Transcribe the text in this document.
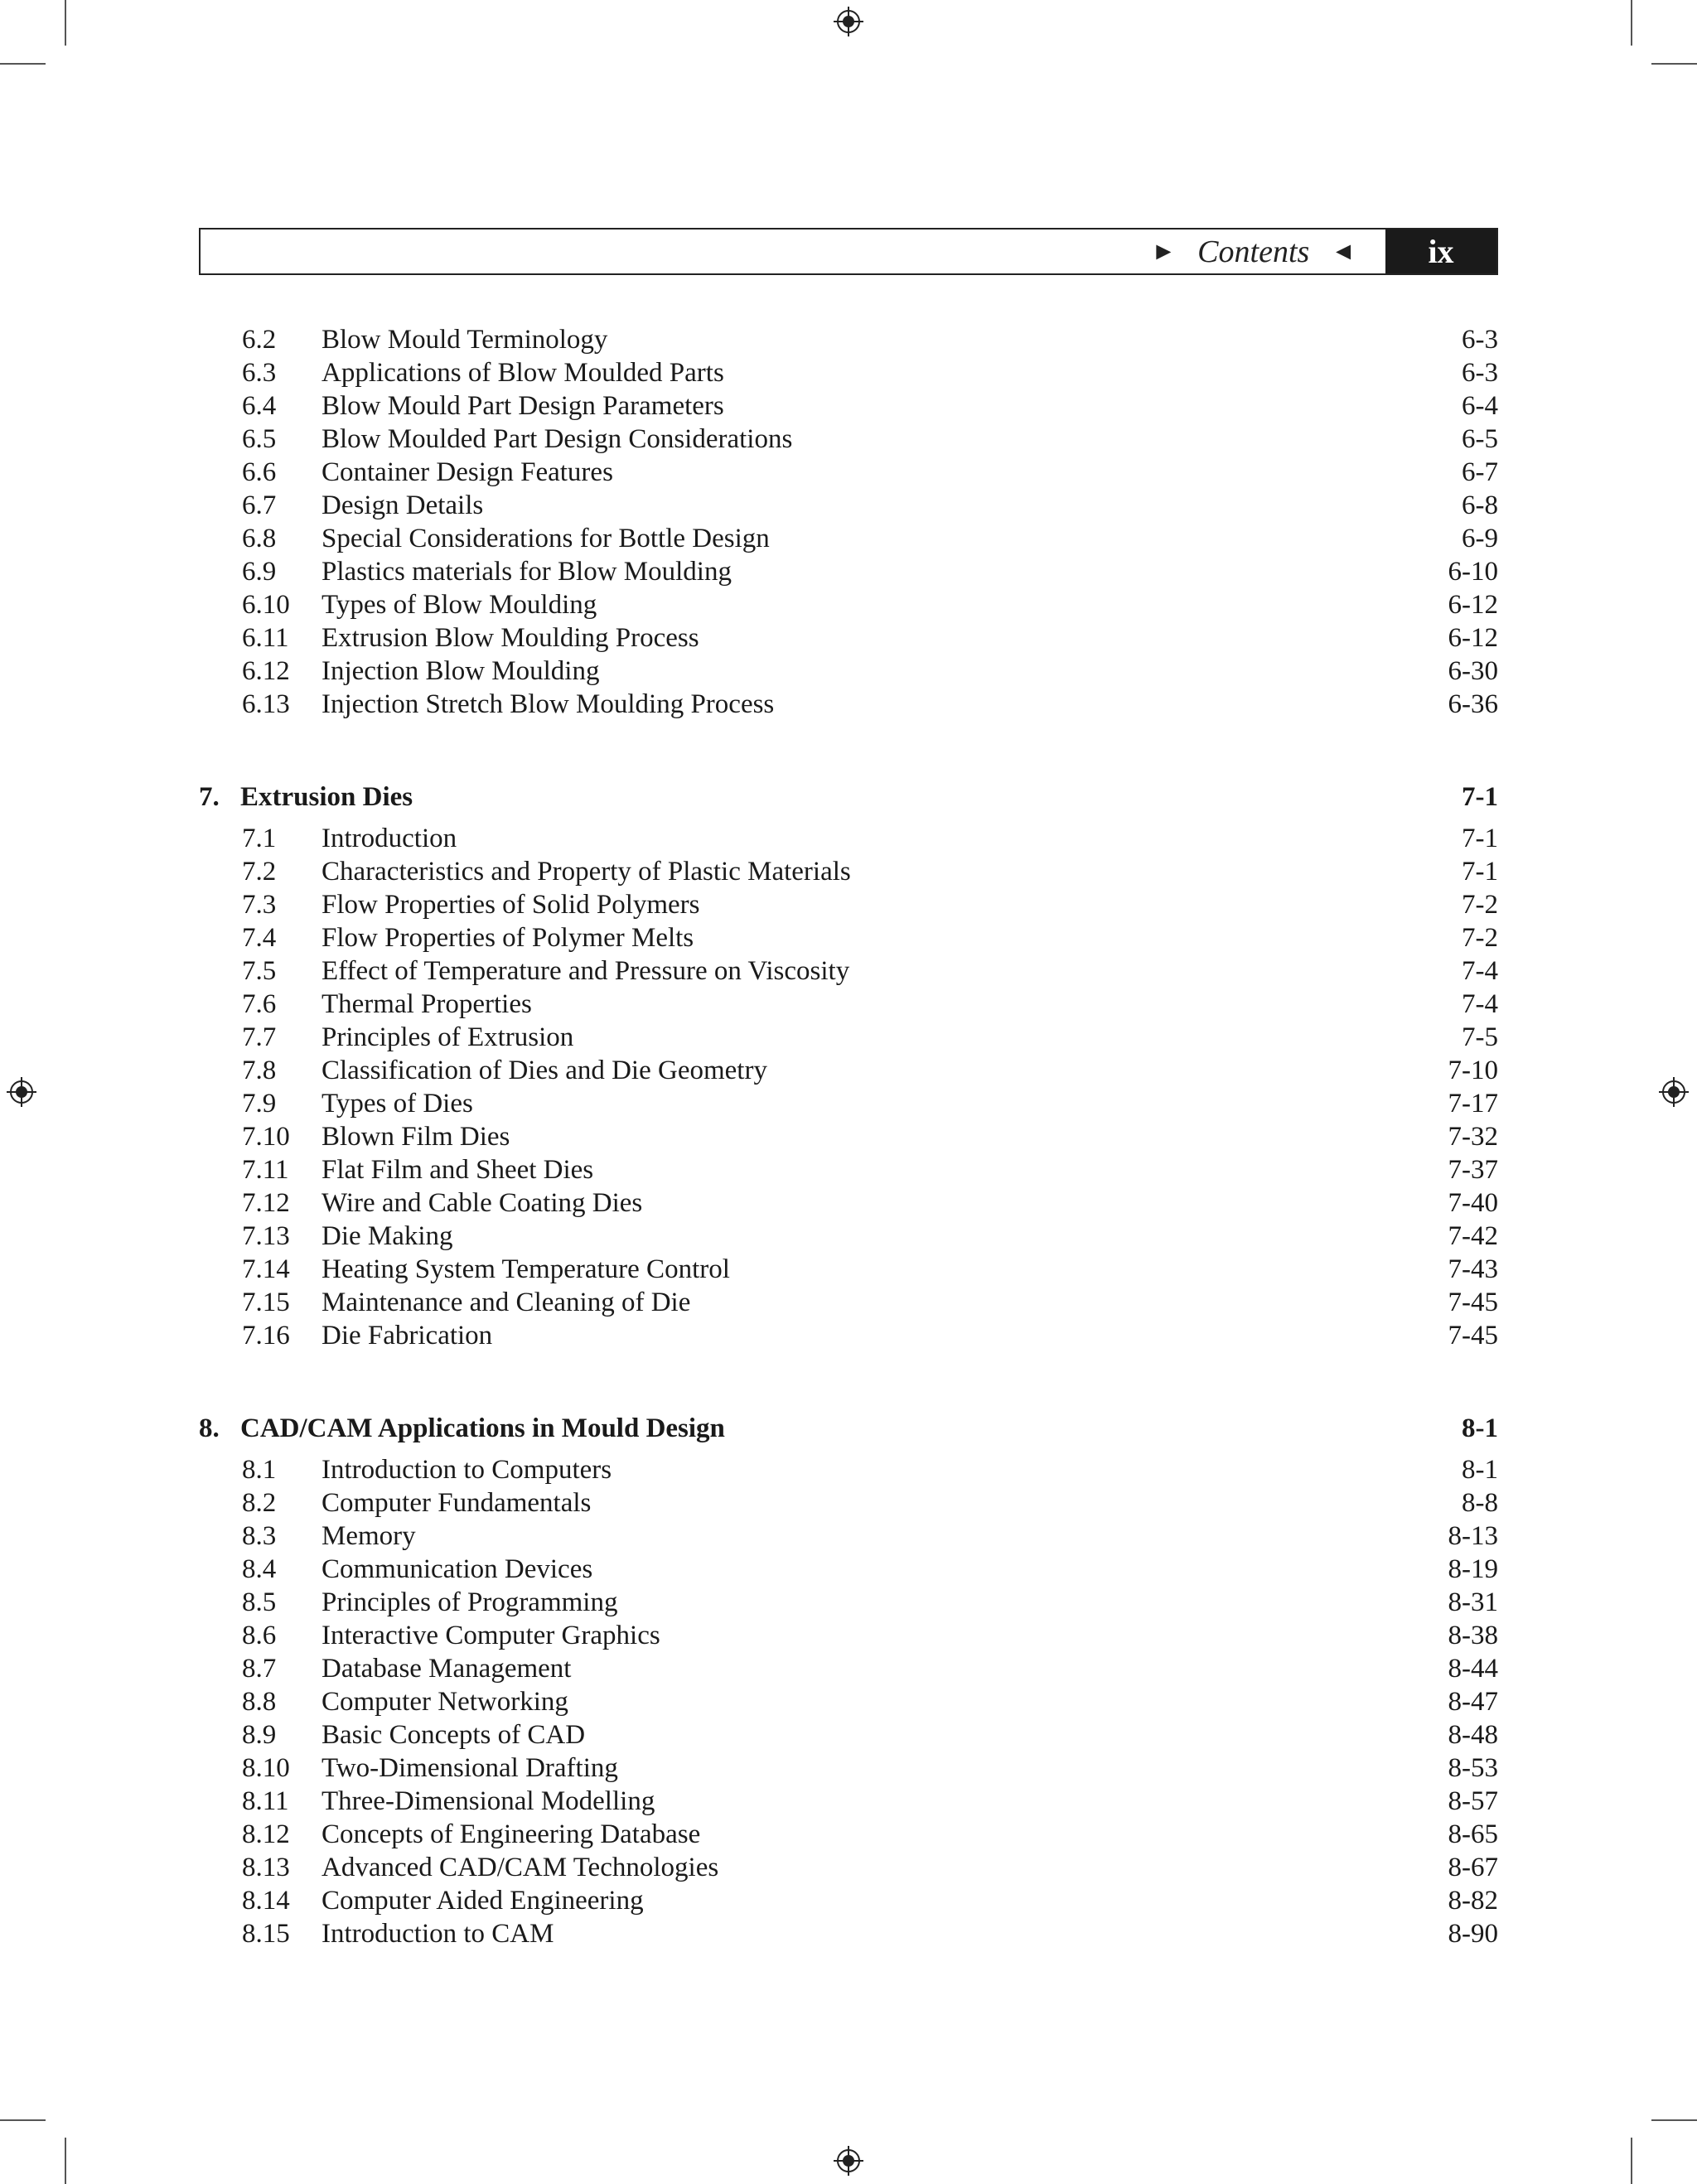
► Contents ◄	ix
6.2 Blow Mould Terminology	6-3
6.3 Applications of Blow Moulded Parts	6-3
6.4 Blow Mould Part Design Parameters	6-4
6.5 Blow Moulded Part Design Considerations	6-5
6.6 Container Design Features	6-7
6.7 Design Details	6-8
6.8 Special Considerations for Bottle Design	6-9
6.9 Plastics materials for Blow Moulding	6-10
6.10 Types of Blow Moulding	6-12
6.11 Extrusion Blow Moulding Process	6-12
6.12 Injection Blow Moulding	6-30
6.13 Injection Stretch Blow Moulding Process	6-36
7. Extrusion Dies	7-1
7.1 Introduction	7-1
7.2 Characteristics and Property of Plastic Materials	7-1
7.3 Flow Properties of Solid Polymers	7-2
7.4 Flow Properties of Polymer Melts	7-2
7.5 Effect of Temperature and Pressure on Viscosity	7-4
7.6 Thermal Properties	7-4
7.7 Principles of Extrusion	7-5
7.8 Classification of Dies and Die Geometry	7-10
7.9 Types of Dies	7-17
7.10 Blown Film Dies	7-32
7.11 Flat Film and Sheet Dies	7-37
7.12 Wire and Cable Coating Dies	7-40
7.13 Die Making	7-42
7.14 Heating System Temperature Control	7-43
7.15 Maintenance and Cleaning of Die	7-45
7.16 Die Fabrication	7-45
8. CAD/CAM Applications in Mould Design	8-1
8.1 Introduction to Computers	8-1
8.2 Computer Fundamentals	8-8
8.3 Memory	8-13
8.4 Communication Devices	8-19
8.5 Principles of Programming	8-31
8.6 Interactive Computer Graphics	8-38
8.7 Database Management	8-44
8.8 Computer Networking	8-47
8.9 Basic Concepts of CAD	8-48
8.10 Two-Dimensional Drafting	8-53
8.11 Three-Dimensional Modelling	8-57
8.12 Concepts of Engineering Database	8-65
8.13 Advanced CAD/CAM Technologies	8-67
8.14 Computer Aided Engineering	8-82
8.15 Introduction to CAM	8-90
